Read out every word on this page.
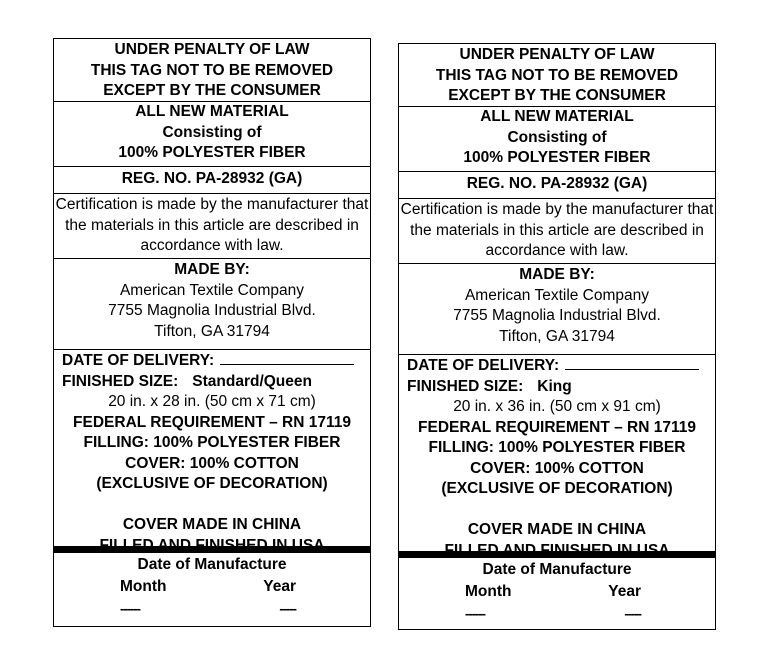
UNDER PENALTY OF LAW
THIS TAG NOT TO BE REMOVED
EXCEPT BY THE CONSUMER
ALL NEW MATERIAL
Consisting of
100% POLYESTER FIBER
REG. NO. PA-28932 (GA)
Certification is made by the manufacturer that
the materials in this article are described in
accordance with law.
MADE BY:
American Textile Company
7755 Magnolia Industrial Blvd.
Tifton, GA 31794
DATE OF DELIVERY:
FINISHED SIZE: Standard/Queen
20 in. x 28 in. (50 cm x 71 cm)
FEDERAL REQUIREMENT – RN 17119
FILLING: 100% POLYESTER FIBER
COVER: 100% COTTON
(EXCLUSIVE OF DECORATION)
COVER MADE IN CHINA
FILLED AND FINISHED IN USA
Date of Manufacture
Month	Year
------	-----
UNDER PENALTY OF LAW
THIS TAG NOT TO BE REMOVED
EXCEPT BY THE CONSUMER
ALL NEW MATERIAL
Consisting of
100% POLYESTER FIBER
REG. NO. PA-28932 (GA)
Certification is made by the manufacturer that
the materials in this article are described in
accordance with law.
MADE BY:
American Textile Company
7755 Magnolia Industrial Blvd.
Tifton, GA 31794
DATE OF DELIVERY:
FINISHED SIZE: King
20 in. x 36 in. (50 cm x 91 cm)
FEDERAL REQUIREMENT – RN 17119
FILLING: 100% POLYESTER FIBER
COVER: 100% COTTON
(EXCLUSIVE OF DECORATION)
COVER MADE IN CHINA
FILLED AND FINISHED IN USA
Date of Manufacture
Month	Year
------	-----
